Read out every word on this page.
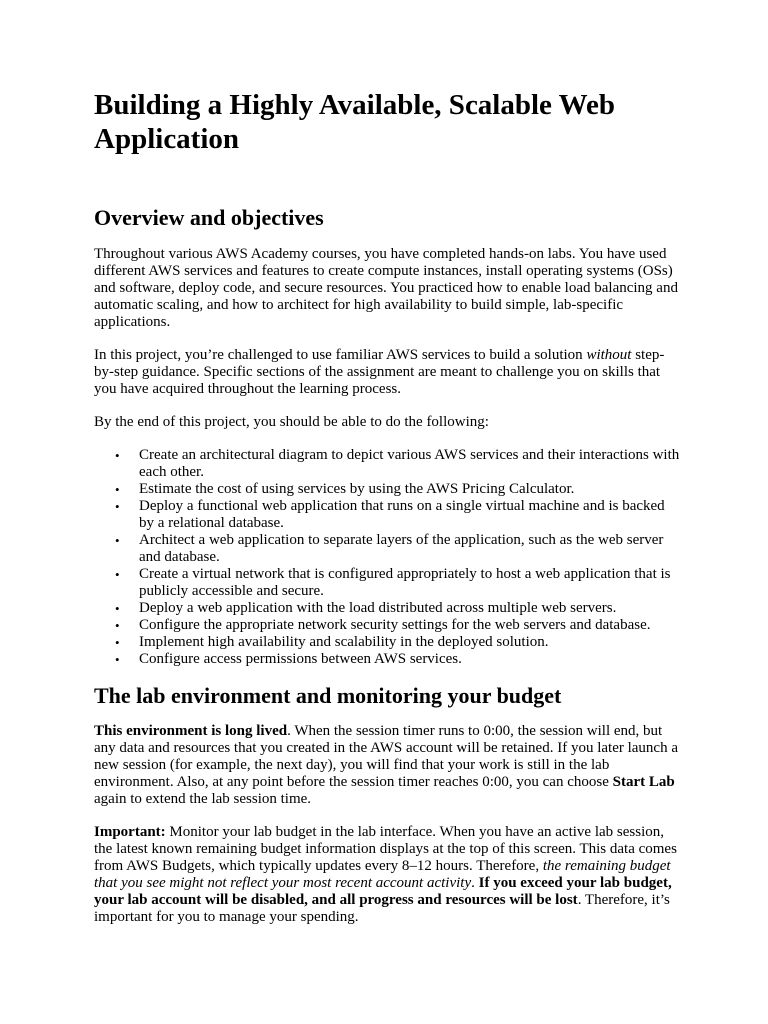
Building a Highly Available, Scalable Web Application
Overview and objectives

Throughout various AWS Academy courses, you have completed hands-on labs. You have used different AWS services and features to create compute instances, install operating systems (OSs) and software, deploy code, and secure resources. You practiced how to enable load balancing and automatic scaling, and how to architect for high availability to build simple, lab-specific applications.

In this project, you’re challenged to use familiar AWS services to build a solution without step-by-step guidance. Specific sections of the assignment are meant to challenge you on skills that you have acquired throughout the learning process.

By the end of this project, you should be able to do the following:

• Create an architectural diagram to depict various AWS services and their interactions with each other.
• Estimate the cost of using services by using the AWS Pricing Calculator.
• Deploy a functional web application that runs on a single virtual machine and is backed by a relational database.
• Architect a web application to separate layers of the application, such as the web server and database.
• Create a virtual network that is configured appropriately to host a web application that is publicly accessible and secure.
• Deploy a web application with the load distributed across multiple web servers.
• Configure the appropriate network security settings for the web servers and database.
• Implement high availability and scalability in the deployed solution.
• Configure access permissions between AWS services.
The lab environment and monitoring your budget

This environment is long lived. When the session timer runs to 0:00, the session will end, but any data and resources that you created in the AWS account will be retained. If you later launch a new session (for example, the next day), you will find that your work is still in the lab environment. Also, at any point before the session timer reaches 0:00, you can choose Start Lab again to extend the lab session time.

Important: Monitor your lab budget in the lab interface. When you have an active lab session, the latest known remaining budget information displays at the top of this screen. This data comes from AWS Budgets, which typically updates every 8–12 hours. Therefore, the remaining budget that you see might not reflect your most recent account activity. If you exceed your lab budget, your lab account will be disabled, and all progress and resources will be lost. Therefore, it’s important for you to manage your spending.
